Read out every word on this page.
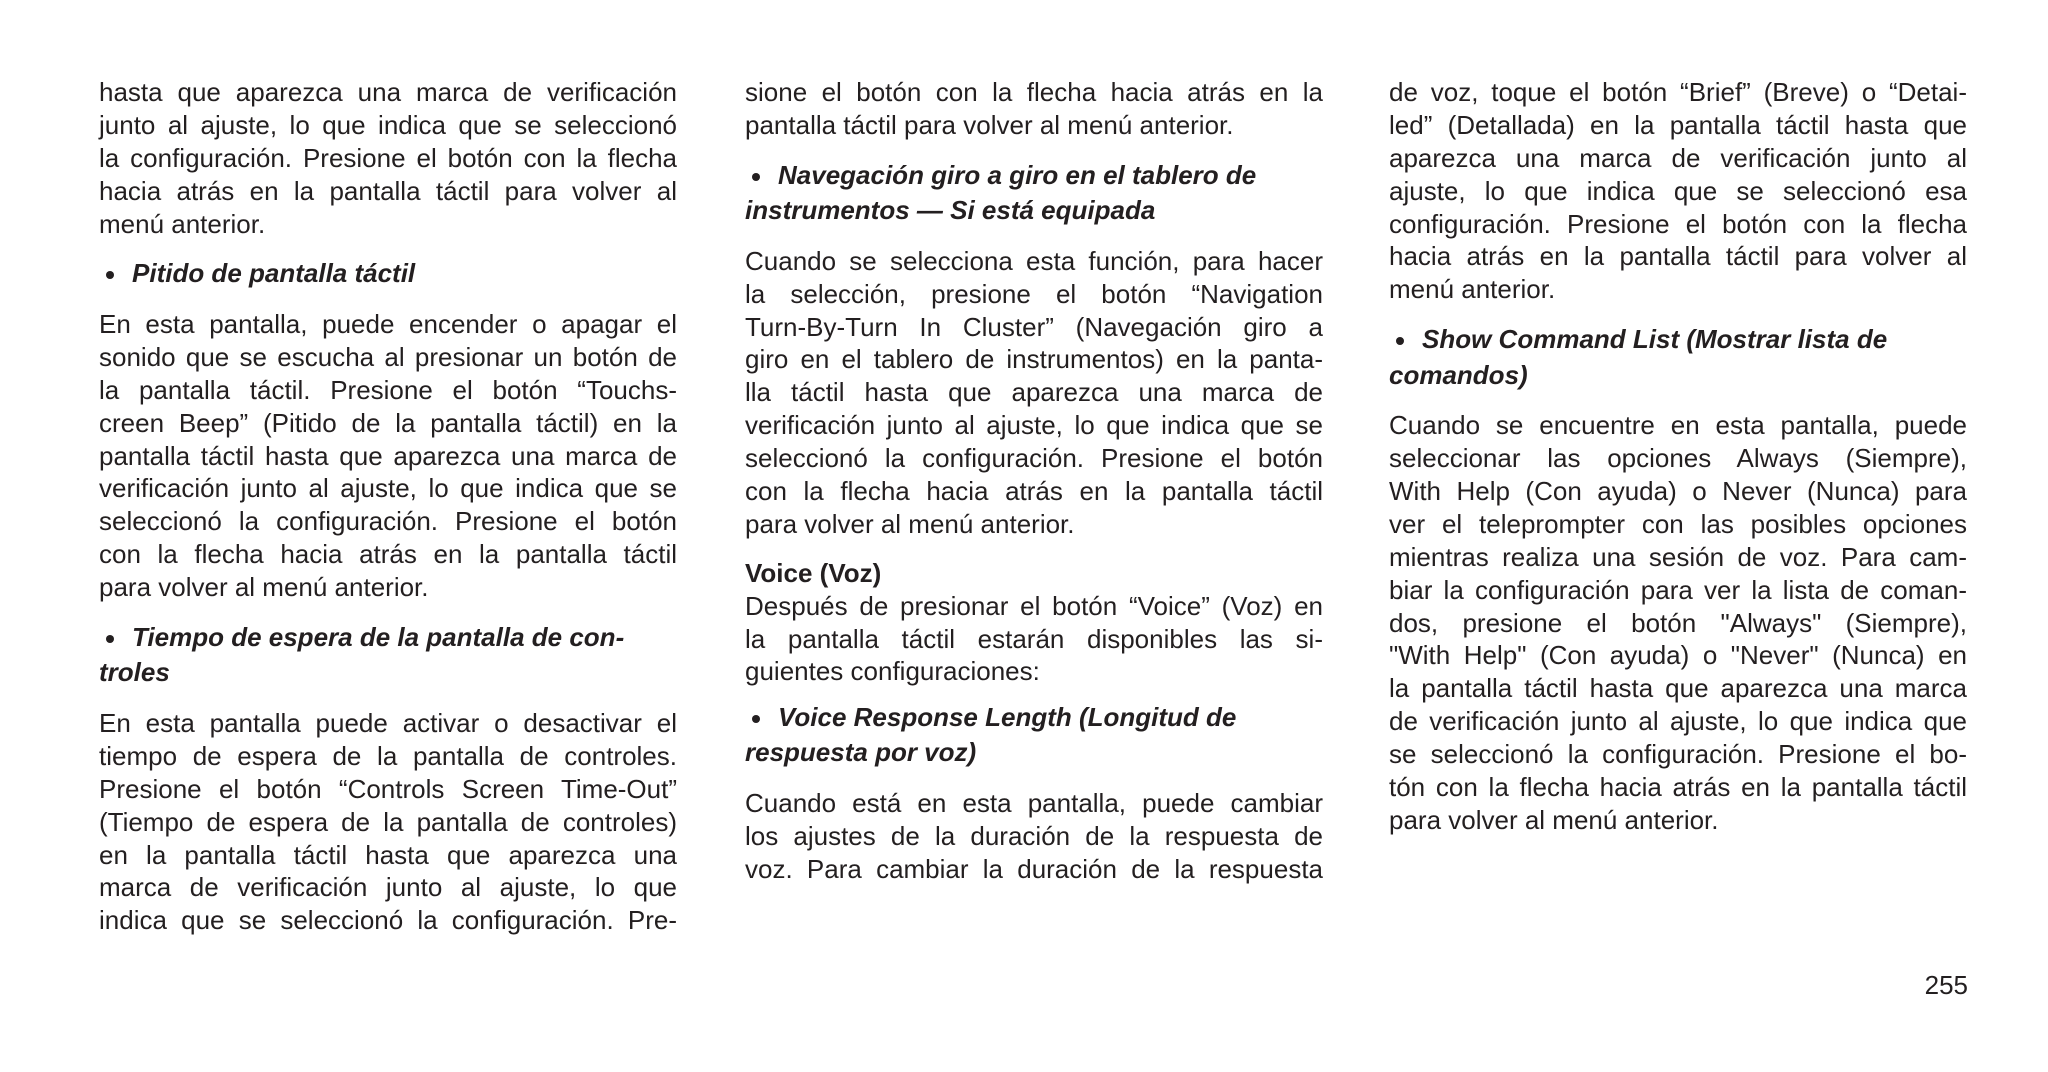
hasta que aparezca una marca de verificación
junto al ajuste, lo que indica que se seleccionó
la configuración. Presione el botón con la flecha
hacia atrás en la pantalla táctil para volver al
menú anterior.
Pitido de pantalla táctil
En esta pantalla, puede encender o apagar el
sonido que se escucha al presionar un botón de
la pantalla táctil. Presione el botón “Touchs-
creen Beep” (Pitido de la pantalla táctil) en la
pantalla táctil hasta que aparezca una marca de
verificación junto al ajuste, lo que indica que se
seleccionó la configuración. Presione el botón
con la flecha hacia atrás en la pantalla táctil
para volver al menú anterior.
Tiempo de espera de la pantalla de con-
troles
En esta pantalla puede activar o desactivar el
tiempo de espera de la pantalla de controles.
Presione el botón “Controls Screen Time-Out”
(Tiempo de espera de la pantalla de controles)
en la pantalla táctil hasta que aparezca una
marca de verificación junto al ajuste, lo que
indica que se seleccionó la configuración. Pre-
sione el botón con la flecha hacia atrás en la
pantalla táctil para volver al menú anterior.
Navegación giro a giro en el tablero de
instrumentos — Si está equipada
Cuando se selecciona esta función, para hacer
la selección, presione el botón “Navigation
Turn-By-Turn In Cluster” (Navegación giro a
giro en el tablero de instrumentos) en la panta-
lla táctil hasta que aparezca una marca de
verificación junto al ajuste, lo que indica que se
seleccionó la configuración. Presione el botón
con la flecha hacia atrás en la pantalla táctil
para volver al menú anterior.
Voice (Voz)
Después de presionar el botón “Voice” (Voz) en
la pantalla táctil estarán disponibles las si-
guientes configuraciones:
Voice Response Length (Longitud de
respuesta por voz)
Cuando está en esta pantalla, puede cambiar
los ajustes de la duración de la respuesta de
voz. Para cambiar la duración de la respuesta
de voz, toque el botón “Brief” (Breve) o “Detai-
led” (Detallada) en la pantalla táctil hasta que
aparezca una marca de verificación junto al
ajuste, lo que indica que se seleccionó esa
configuración. Presione el botón con la flecha
hacia atrás en la pantalla táctil para volver al
menú anterior.
Show Command List (Mostrar lista de
comandos)
Cuando se encuentre en esta pantalla, puede
seleccionar las opciones Always (Siempre),
With Help (Con ayuda) o Never (Nunca) para
ver el teleprompter con las posibles opciones
mientras realiza una sesión de voz. Para cam-
biar la configuración para ver la lista de coman-
dos, presione el botón "Always" (Siempre),
"With Help" (Con ayuda) o "Never" (Nunca) en
la pantalla táctil hasta que aparezca una marca
de verificación junto al ajuste, lo que indica que
se seleccionó la configuración. Presione el bo-
tón con la flecha hacia atrás en la pantalla táctil
para volver al menú anterior.
255
